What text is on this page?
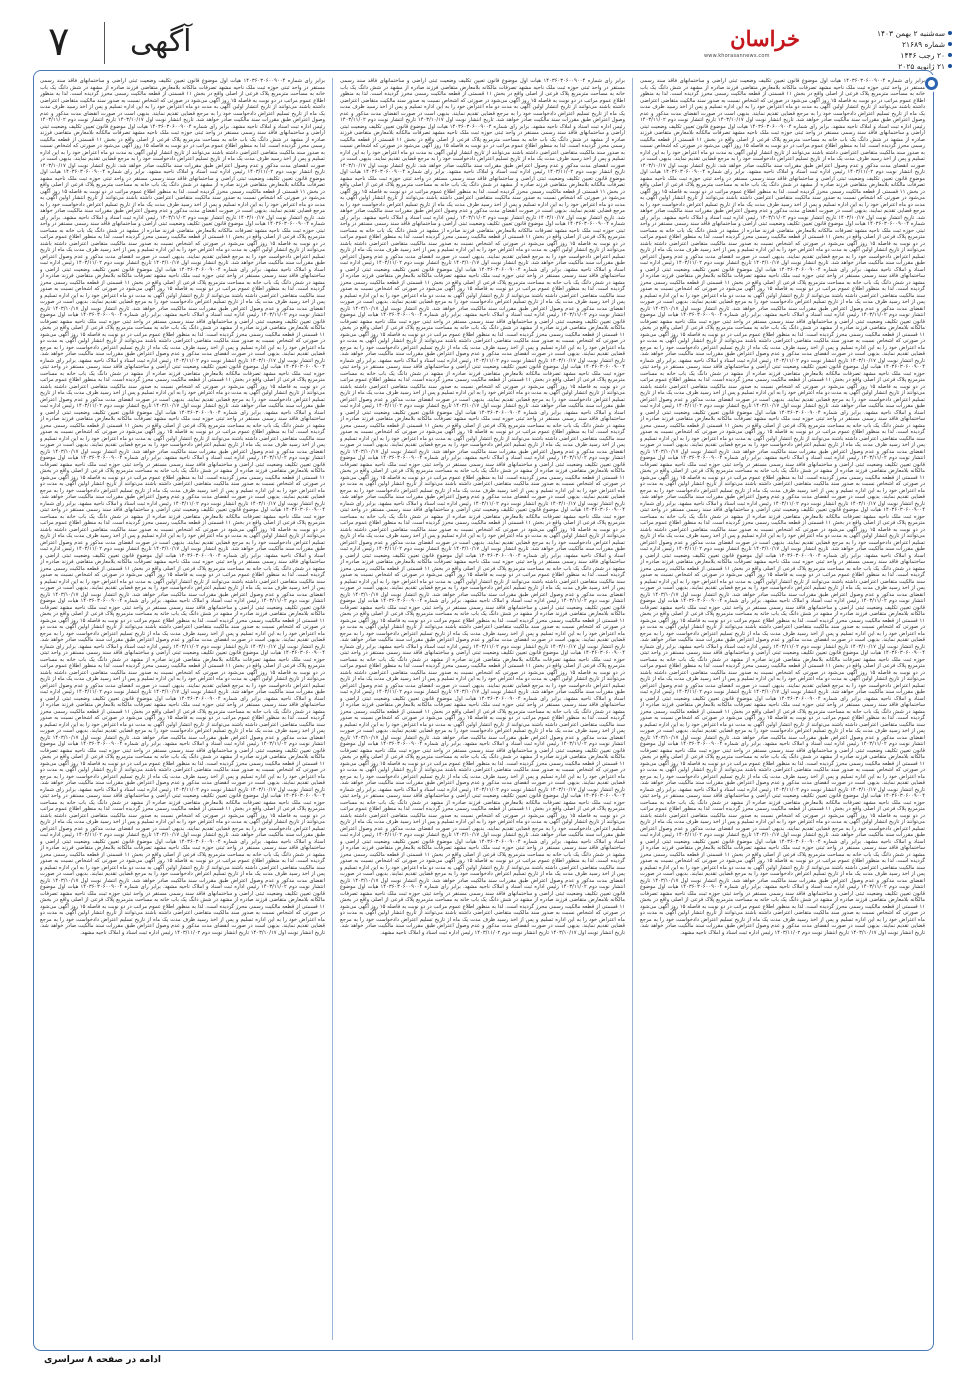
۷ آگهی	خراسان
www.khorasannews.com
سه‌شنبه ۲ بهمن ۱۴۰۳
شماره ۲۱۶۸۹
۲۰ رجب ۱۴۴۶
۲۱ ژانویه ۲۰۲۵

برابر رای شماره ۱۴۰۳۶۰۳۰۶۰۰۹۰۰۴ هیات اول موضوع قانون تعیین تکلیف وضعیت ثبتی اراضی و ساختمانهای فاقد سند رسمی مستقر در واحد ثبتی حوزه ثبت ملک ناحیه مشهد تصرفات مالکانه بلامعارض متقاضی فرزند صادره از مشهد در شش دانگ یک باب خانه به مساحت مترمربع پلاک فرعی از اصلی واقع در بخش ۱۱ قسمتی از قطعه مالکیت رسمی محرز گردیده است. لذا به منظور اطلاع عموم مراتب در دو نوبت به فاصله ۱۵ روز آگهی می‌شود در صورتی که اشخاص نسبت به صدور سند مالکیت متقاضی اعتراضی داشته باشند می‌توانند از تاریخ انتشار اولین آگهی به مدت دو ماه اعتراض خود را به این اداره تسلیم و پس از اخذ رسید ظرف مدت یک ماه از تاریخ تسلیم اعتراض دادخواست خود را به مرجع قضایی تقدیم نمایند. بدیهی است در صورت انقضای مدت مذکور و عدم وصول اعتراض طبق مقررات سند مالکیت صادر خواهد شد. تاریخ انتشار نوبت اول ۱۴۰۳/۱۰/۱۷ تاریخ انتشار نوبت دوم ۱۴۰۳/۱۱/۰۲ رئیس اداره ثبت اسناد و املاک ناحیه مشهد. برابر رای شماره ۱۴۰۳۶۰۳۰۶۰۰۹۰۰۴ هیات اول موضوع قانون تعیین تکلیف وضعیت ثبتی اراضی و ساختمانهای فاقد سند رسمی مستقر در واحد ثبتی حوزه ثبت ملک ناحیه مشهد تصرفات مالکانه بلامعارض متقاضی فرزند صادره از مشهد در شش دانگ یک باب خانه به مساحت مترمربع پلاک فرعی از اصلی واقع در بخش ۱۱ قسمتی از قطعه مالکیت رسمی محرز گردیده است. لذا به منظور اطلاع عموم مراتب در دو نوبت به فاصله ۱۵ روز آگهی می‌شود در صورتی که اشخاص نسبت به صدور سند مالکیت متقاضی اعتراضی داشته باشند می‌توانند از تاریخ انتشار اولین آگهی به مدت دو ماه اعتراض خود را به این اداره تسلیم و پس از اخذ رسید ظرف مدت یک ماه از تاریخ تسلیم اعتراض دادخواست خود را به مرجع قضایی تقدیم نمایند. بدیهی است در صورت انقضای مدت مذکور و عدم وصول اعتراض طبق مقررات سند مالکیت صادر خواهد شد. تاریخ انتشار نوبت اول ۱۴۰۳/۱۰/۱۷ تاریخ انتشار نوبت دوم ۱۴۰۳/۱۱/۰۲ رئیس اداره ثبت اسناد و املاک ناحیه مشهد. برابر رای شماره ۱۴۰۳۶۰۳۰۶۰۰۹۰۰۴ هیات اول موضوع قانون تعیین تکلیف وضعیت ثبتی اراضی و ساختمانهای فاقد سند رسمی مستقر در واحد ثبتی حوزه ثبت ملک ناحیه مشهد تصرفات مالکانه بلامعارض متقاضی فرزند صادره از مشهد در شش دانگ یک باب خانه به مساحت مترمربع پلاک فرعی از اصلی واقع در بخش ۱۱ قسمتی از قطعه مالکیت رسمی محرز گردیده است. لذا به منظور اطلاع عموم مراتب در دو نوبت به فاصله ۱۵ روز آگهی می‌شود در صورتی که اشخاص نسبت به صدور سند مالکیت متقاضی اعتراضی داشته باشند می‌توانند از تاریخ انتشار اولین آگهی به مدت دو ماه اعتراض خود را به این اداره تسلیم و پس از اخذ رسید ظرف مدت یک ماه از تاریخ تسلیم اعتراض دادخواست خود را به مرجع قضایی تقدیم نمایند. بدیهی است در صورت انقضای مدت مذکور و عدم وصول اعتراض طبق مقررات سند مالکیت صادر خواهد شد. تاریخ انتشار نوبت اول ۱۴۰۳/۱۰/۱۷ تاریخ انتشار نوبت دوم ۱۴۰۳/۱۱/۰۲ رئیس اداره ثبت اسناد و املاک ناحیه مشهد. برابر رای شماره ۱۴۰۳۶۰۳۰۶۰۰۹۰۰۴ هیات اول موضوع قانون تعیین تکلیف وضعیت ثبتی اراضی و ساختمانهای فاقد سند رسمی مستقر در واحد ثبتی حوزه ثبت ملک ناحیه مشهد تصرفات مالکانه بلامعارض متقاضی فرزند صادره از مشهد در شش دانگ یک باب خانه به مساحت مترمربع پلاک فرعی از اصلی واقع در بخش ۱۱ قسمتی از قطعه مالکیت رسمی محرز گردیده است. لذا به منظور اطلاع عموم مراتب در دو نوبت به فاصله ۱۵ روز آگهی می‌شود در صورتی که اشخاص نسبت به صدور سند مالکیت متقاضی اعتراضی داشته باشند می‌توانند از تاریخ انتشار اولین آگهی به مدت دو ماه اعتراض خود را به این اداره تسلیم و پس از اخذ رسید ظرف مدت یک ماه از تاریخ تسلیم اعتراض دادخواست خود را به مرجع قضایی تقدیم نمایند. بدیهی است در صورت انقضای مدت مذکور و عدم وصول اعتراض طبق مقررات سند مالکیت صادر خواهد شد. تاریخ انتشار نوبت اول ۱۴۰۳/۱۰/۱۷ تاریخ انتشار نوبت دوم ۱۴۰۳/۱۱/۰۲ رئیس اداره ثبت اسناد و املاک ناحیه مشهد. برابر رای شماره ۱۴۰۳۶۰۳۰۶۰۰۹۰۰۴ هیات اول موضوع قانون تعیین تکلیف وضعیت ثبتی اراضی و ساختمانهای فاقد سند رسمی مستقر در واحد ثبتی حوزه ثبت ملک ناحیه مشهد تصرفات مالکانه بلامعارض متقاضی فرزند صادره از مشهد در شش دانگ یک باب خانه به مساحت مترمربع پلاک فرعی از اصلی واقع در بخش ۱۱ قسمتی از قطعه مالکیت رسمی محرز گردیده است. لذا به منظور اطلاع عموم مراتب در دو نوبت به فاصله ۱۵ روز آگهی می‌شود در صورتی که اشخاص نسبت به صدور سند مالکیت متقاضی اعتراضی داشته باشند می‌توانند از تاریخ انتشار اولین آگهی به مدت دو ماه اعتراض خود را به این اداره تسلیم و پس از اخذ رسید ظرف مدت یک ماه از تاریخ تسلیم اعتراض دادخواست خود را به مرجع قضایی تقدیم نمایند. بدیهی است در صورت انقضای مدت مذکور و عدم وصول اعتراض طبق مقررات سند مالکیت صادر خواهد شد. تاریخ انتشار نوبت اول ۱۴۰۳/۱۰/۱۷ تاریخ انتشار نوبت دوم ۱۴۰۳/۱۱/۰۲ رئیس اداره ثبت اسناد و املاک ناحیه مشهد. برابر رای شماره ۱۴۰۳۶۰۳۰۶۰۰۹۰۰۴ هیات اول موضوع قانون تعیین تکلیف وضعیت ثبتی اراضی و ساختمانهای فاقد سند رسمی مستقر در واحد ثبتی حوزه ثبت ملک ناحیه مشهد تصرفات مالکانه بلامعارض متقاضی فرزند صادره از مشهد در شش دانگ یک باب خانه به مساحت مترمربع پلاک فرعی از اصلی واقع در بخش ۱۱ قسمتی از قطعه مالکیت رسمی محرز گردیده است. لذا به منظور اطلاع عموم مراتب در دو نوبت به فاصله ۱۵ روز آگهی می‌شود در صورتی که اشخاص نسبت به صدور سند مالکیت متقاضی اعتراضی داشته باشند می‌توانند از تاریخ انتشار اولین آگهی به مدت دو ماه اعتراض خود را به این اداره تسلیم و پس از اخذ رسید ظرف مدت یک ماه از تاریخ تسلیم اعتراض دادخواست خود را به مرجع قضایی تقدیم نمایند. بدیهی است در صورت انقضای مدت مذکور و عدم وصول اعتراض طبق مقررات سند مالکیت صادر خواهد شد. تاریخ انتشار نوبت اول ۱۴۰۳/۱۰/۱۷ تاریخ انتشار نوبت دوم ۱۴۰۳/۱۱/۰۲ رئیس اداره ثبت اسناد و املاک ناحیه مشهد. برابر رای شماره ۱۴۰۳۶۰۳۰۶۰۰۹۰۰۴ هیات اول موضوع قانون تعیین تکلیف وضعیت ثبتی اراضی و ساختمانهای فاقد سند رسمی مستقر در واحد ثبتی حوزه ثبت ملک ناحیه مشهد تصرفات مالکانه بلامعارض متقاضی فرزند صادره از مشهد در شش دانگ یک باب خانه به مساحت مترمربع پلاک فرعی از اصلی واقع در بخش ۱۱ قسمتی از قطعه مالکیت رسمی محرز گردیده است. لذا به منظور اطلاع عموم مراتب در دو نوبت به فاصله ۱۵ روز آگهی می‌شود در صورتی که اشخاص نسبت به صدور سند مالکیت متقاضی اعتراضی داشته باشند می‌توانند از تاریخ انتشار اولین آگهی به مدت دو ماه اعتراض خود را به این اداره تسلیم و پس از اخذ رسید ظرف مدت یک ماه از تاریخ تسلیم اعتراض دادخواست خود را به مرجع قضایی تقدیم نمایند. بدیهی است در صورت انقضای مدت مذکور و عدم وصول اعتراض طبق مقررات سند مالکیت صادر خواهد شد. تاریخ انتشار نوبت اول ۱۴۰۳/۱۰/۱۷ تاریخ انتشار نوبت دوم ۱۴۰۳/۱۱/۰۲ رئیس اداره ثبت اسناد و املاک ناحیه مشهد. برابر رای شماره ۱۴۰۳۶۰۳۰۶۰۰۹۰۰۴ هیات اول موضوع قانون تعیین تکلیف وضعیت ثبتی اراضی و ساختمانهای فاقد سند رسمی مستقر در واحد ثبتی حوزه ثبت ملک ناحیه مشهد تصرفات مالکانه بلامعارض متقاضی فرزند صادره از مشهد در شش دانگ یک باب خانه به مساحت مترمربع پلاک فرعی از اصلی واقع در بخش ۱۱ قسمتی از قطعه مالکیت رسمی محرز گردیده است. لذا به منظور اطلاع عموم مراتب در دو نوبت به فاصله ۱۵ روز آگهی می‌شود در صورتی که اشخاص نسبت به صدور سند مالکیت متقاضی اعتراضی داشته باشند می‌توانند از تاریخ انتشار اولین آگهی به مدت دو ماه اعتراض خود را به این اداره تسلیم و پس از اخذ رسید ظرف مدت یک ماه از تاریخ تسلیم اعتراض دادخواست خود را به مرجع قضایی تقدیم نمایند. بدیهی است در صورت انقضای مدت مذکور و عدم وصول اعتراض طبق مقررات سند مالکیت صادر خواهد شد. تاریخ انتشار نوبت اول ۱۴۰۳/۱۰/۱۷ تاریخ انتشار نوبت دوم ۱۴۰۳/۱۱/۰۲ رئیس اداره ثبت اسناد و املاک ناحیه مشهد. برابر رای شماره ۱۴۰۳۶۰۳۰۶۰۰۹۰۰۴ هیات اول موضوع قانون تعیین تکلیف وضعیت ثبتی اراضی و ساختمانهای فاقد سند رسمی مستقر در واحد ثبتی حوزه ثبت ملک ناحیه مشهد تصرفات مالکانه بلامعارض متقاضی فرزند صادره از مشهد در شش دانگ یک باب خانه به مساحت مترمربع پلاک فرعی از اصلی واقع در بخش ۱۱ قسمتی از قطعه مالکیت رسمی محرز گردیده است. لذا به منظور اطلاع عموم مراتب در دو نوبت به فاصله ۱۵ روز آگهی می‌شود در صورتی که اشخاص نسبت به صدور سند مالکیت متقاضی اعتراضی داشته باشند می‌توانند از تاریخ انتشار اولین آگهی به مدت دو ماه اعتراض خود را به این اداره تسلیم و پس از اخذ رسید ظرف مدت یک ماه از تاریخ تسلیم اعتراض دادخواست خود را به مرجع قضایی تقدیم نمایند. بدیهی است در صورت انقضای مدت مذکور و عدم وصول اعتراض طبق مقررات سند مالکیت صادر خواهد شد. تاریخ انتشار نوبت اول ۱۴۰۳/۱۰/۱۷ تاریخ انتشار نوبت دوم ۱۴۰۳/۱۱/۰۲ رئیس اداره ثبت اسناد و املاک ناحیه مشهد. برابر رای شماره ۱۴۰۳۶۰۳۰۶۰۰۹۰۰۴ هیات اول موضوع قانون تعیین تکلیف وضعیت ثبتی اراضی و ساختمانهای فاقد سند رسمی مستقر در واحد ثبتی حوزه ثبت ملک ناحیه مشهد تصرفات مالکانه بلامعارض متقاضی فرزند صادره از مشهد در شش دانگ یک باب خانه به مساحت مترمربع پلاک فرعی از اصلی واقع در بخش ۱۱ قسمتی از قطعه مالکیت رسمی محرز گردیده است. لذا به منظور اطلاع عموم مراتب در دو نوبت به فاصله ۱۵ روز آگهی می‌شود در صورتی که اشخاص نسبت به صدور سند مالکیت متقاضی اعتراضی داشته باشند می‌توانند از تاریخ انتشار اولین آگهی به مدت دو ماه اعتراض خود را به این اداره تسلیم و پس از اخذ رسید ظرف مدت یک ماه از تاریخ تسلیم اعتراض دادخواست خود را به مرجع قضایی تقدیم نمایند. بدیهی است در صورت انقضای مدت مذکور و عدم وصول اعتراض طبق مقررات سند مالکیت صادر خواهد شد. تاریخ انتشار نوبت اول ۱۴۰۳/۱۰/۱۷ تاریخ انتشار نوبت دوم ۱۴۰۳/۱۱/۰۲ رئیس اداره ثبت اسناد و املاک ناحیه مشهد. برابر رای شماره ۱۴۰۳۶۰۳۰۶۰۰۹۰۰۴ هیات اول موضوع قانون تعیین تکلیف وضعیت ثبتی اراضی و ساختمانهای فاقد سند رسمی مستقر در واحد ثبتی حوزه ثبت ملک ناحیه مشهد تصرفات مالکانه بلامعارض متقاضی فرزند صادره از مشهد در شش دانگ یک باب خانه به مساحت مترمربع پلاک فرعی از اصلی واقع در بخش ۱۱ قسمتی از قطعه مالکیت رسمی محرز گردیده است. لذا به منظور اطلاع عموم مراتب در دو نوبت به فاصله ۱۵ روز آگهی می‌شود در صورتی که اشخاص نسبت به صدور سند مالکیت متقاضی اعتراضی داشته باشند می‌توانند از تاریخ انتشار اولین آگهی به مدت دو ماه اعتراض خود را به این اداره تسلیم و پس از اخذ رسید ظرف مدت یک ماه از تاریخ تسلیم اعتراض دادخواست خود را به مرجع قضایی تقدیم نمایند. بدیهی است در صورت انقضای مدت مذکور و عدم وصول اعتراض طبق مقررات سند مالکیت صادر خواهد شد. تاریخ انتشار نوبت اول ۱۴۰۳/۱۰/۱۷ تاریخ انتشار نوبت دوم ۱۴۰۳/۱۱/۰۲ رئیس اداره ثبت اسناد و املاک ناحیه مشهد. برابر رای شماره ۱۴۰۳۶۰۳۰۶۰۰۹۰۰۴ هیات اول موضوع قانون تعیین تکلیف وضعیت ثبتی اراضی و ساختمانهای فاقد سند رسمی مستقر در واحد ثبتی حوزه ثبت ملک ناحیه مشهد تصرفات مالکانه بلامعارض متقاضی فرزند صادره از مشهد در شش دانگ یک باب خانه به مساحت مترمربع پلاک فرعی از اصلی واقع در بخش ۱۱ قسمتی از قطعه مالکیت رسمی محرز گردیده است. لذا به منظور اطلاع عموم مراتب در دو نوبت به فاصله ۱۵ روز آگهی می‌شود در صورتی که اشخاص نسبت به صدور سند مالکیت متقاضی اعتراضی داشته باشند می‌توانند از تاریخ انتشار اولین آگهی به مدت دو ماه اعتراض خود را به این اداره تسلیم و پس از اخذ رسید ظرف مدت یک ماه از تاریخ تسلیم اعتراض دادخواست خود را به مرجع قضایی تقدیم نمایند. بدیهی است در صورت انقضای مدت مذکور و عدم وصول اعتراض طبق مقررات سند مالکیت صادر خواهد شد. تاریخ انتشار نوبت اول ۱۴۰۳/۱۰/۱۷ تاریخ انتشار نوبت دوم ۱۴۰۳/۱۱/۰۲ رئیس اداره ثبت اسناد و املاک ناحیه مشهد. برابر رای شماره ۱۴۰۳۶۰۳۰۶۰۰۹۰۰۴ هیات اول موضوع قانون تعیین تکلیف وضعیت ثبتی اراضی و ساختمانهای فاقد سند رسمی مستقر در واحد ثبتی حوزه ثبت ملک ناحیه مشهد تصرفات مالکانه بلامعارض متقاضی فرزند صادره از مشهد در شش دانگ یک باب خانه به مساحت مترمربع پلاک فرعی از اصلی واقع در بخش ۱۱ قسمتی از قطعه مالکیت رسمی محرز گردیده است. لذا به منظور اطلاع عموم مراتب در دو نوبت به فاصله ۱۵ روز آگهی می‌شود در صورتی که اشخاص نسبت به صدور سند مالکیت متقاضی اعتراضی داشته باشند می‌توانند از تاریخ انتشار اولین آگهی به مدت دو ماه اعتراض خود را به این اداره تسلیم و پس از اخذ رسید ظرف مدت یک ماه از تاریخ تسلیم اعتراض دادخواست خود را به مرجع قضایی تقدیم نمایند. بدیهی است در صورت انقضای مدت مذکور و عدم وصول اعتراض طبق مقررات سند مالکیت صادر خواهد شد. تاریخ انتشار نوبت اول ۱۴۰۳/۱۰/۱۷ تاریخ انتشار نوبت دوم ۱۴۰۳/۱۱/۰۲ رئیس اداره ثبت اسناد و املاک ناحیه مشهد. برابر رای شماره ۱۴۰۳۶۰۳۰۶۰۰۹۰۰۴ هیات اول موضوع قانون تعیین تکلیف وضعیت ثبتی اراضی و ساختمانهای فاقد سند رسمی مستقر در واحد ثبتی حوزه ثبت ملک ناحیه مشهد تصرفات مالکانه بلامعارض متقاضی فرزند صادره از مشهد در شش دانگ یک باب خانه به مساحت مترمربع پلاک فرعی از اصلی واقع در بخش ۱۱ قسمتی از قطعه مالکیت رسمی محرز گردیده است. لذا به منظور اطلاع عموم مراتب در دو نوبت به فاصله ۱۵ روز آگهی می‌شود در صورتی که اشخاص نسبت به صدور سند مالکیت متقاضی اعتراضی داشته باشند می‌توانند از تاریخ انتشار اولین آگهی به مدت دو ماه اعتراض خود را به این اداره تسلیم و پس از اخذ رسید ظرف مدت یک ماه از تاریخ تسلیم اعتراض دادخواست خود را به مرجع قضایی تقدیم نمایند. بدیهی است در صورت انقضای مدت مذکور و عدم وصول اعتراض طبق مقررات سند مالکیت صادر خواهد شد. تاریخ انتشار نوبت اول ۱۴۰۳/۱۰/۱۷ تاریخ انتشار نوبت دوم ۱۴۰۳/۱۱/۰۲ رئیس اداره ثبت اسناد و املاک ناحیه مشهد. برابر رای شماره ۱۴۰۳۶۰۳۰۶۰۰۹۰۰۴ هیات اول موضوع قانون تعیین تکلیف وضعیت ثبتی اراضی و ساختمانهای فاقد سند رسمی مستقر در واحد ثبتی حوزه ثبت ملک ناحیه مشهد تصرفات مالکانه بلامعارض متقاضی فرزند صادره از مشهد در شش دانگ یک باب خانه به مساحت مترمربع پلاک فرعی از اصلی واقع در بخش ۱۱ قسمتی از قطعه مالکیت رسمی محرز گردیده است. لذا به منظور اطلاع عموم مراتب در دو نوبت به فاصله ۱۵ روز آگهی می‌شود در صورتی که اشخاص نسبت به صدور سند مالکیت متقاضی اعتراضی داشته باشند می‌توانند از تاریخ انتشار اولین آگهی به مدت دو ماه اعتراض خود را به این اداره تسلیم و پس از اخذ رسید ظرف مدت یک ماه از تاریخ تسلیم اعتراض دادخواست خود را به مرجع قضایی تقدیم نمایند. بدیهی است در صورت انقضای مدت مذکور و عدم وصول اعتراض طبق مقررات سند مالکیت صادر خواهد شد. تاریخ انتشار نوبت اول ۱۴۰۳/۱۰/۱۷ تاریخ انتشار نوبت دوم ۱۴۰۳/۱۱/۰۲ رئیس اداره ثبت اسناد و املاک ناحیه مشهد. برابر رای شماره ۱۴۰۳۶۰۳۰۶۰۰۹۰۰۴ هیات اول موضوع قانون تعیین تکلیف وضعیت ثبتی اراضی و ساختمانهای فاقد سند رسمی مستقر در واحد ثبتی حوزه ثبت ملک ناحیه مشهد تصرفات مالکانه بلامعارض متقاضی فرزند صادره از مشهد در شش دانگ یک باب خانه به مساحت مترمربع پلاک فرعی از اصلی واقع در بخش ۱۱ قسمتی از قطعه مالکیت رسمی محرز گردیده است. لذا به منظور اطلاع عموم مراتب در دو نوبت به فاصله ۱۵ روز آگهی می‌شود در صورتی که اشخاص نسبت به صدور سند مالکیت متقاضی اعتراضی داشته باشند می‌توانند از تاریخ انتشار اولین آگهی به مدت دو ماه اعتراض خود را به این اداره تسلیم و پس از اخذ رسید ظرف مدت یک ماه از تاریخ تسلیم اعتراض دادخواست خود را به مرجع قضایی تقدیم نمایند. بدیهی است در صورت انقضای مدت مذکور و عدم وصول اعتراض طبق مقررات سند مالکیت صادر خواهد شد. تاریخ انتشار نوبت اول ۱۴۰۳/۱۰/۱۷ تاریخ انتشار نوبت دوم ۱۴۰۳/۱۱/۰۲ رئیس اداره ثبت اسناد و املاک ناحیه مشهد. برابر رای شماره ۱۴۰۳۶۰۳۰۶۰۰۹۰۰۴ هیات اول موضوع قانون تعیین تکلیف وضعیت ثبتی اراضی و ساختمانهای فاقد سند رسمی مستقر در واحد ثبتی حوزه ثبت ملک ناحیه مشهد تصرفات مالکانه بلامعارض متقاضی فرزند صادره از مشهد در شش دانگ یک باب خانه به مساحت مترمربع پلاک فرعی از اصلی واقع در بخش ۱۱ قسمتی از قطعه مالکیت رسمی محرز گردیده است. لذا به منظور اطلاع عموم مراتب در دو نوبت به فاصله ۱۵ روز آگهی می‌شود در صورتی که اشخاص نسبت به صدور سند مالکیت متقاضی اعتراضی داشته باشند می‌توانند از تاریخ انتشار اولین آگهی به مدت دو ماه اعتراض خود را به این اداره تسلیم و پس از اخذ رسید ظرف مدت یک ماه از تاریخ تسلیم اعتراض دادخواست خود را به مرجع قضایی تقدیم نمایند. بدیهی است در صورت انقضای مدت مذکور و عدم وصول اعتراض طبق مقررات سند مالکیت صادر خواهد شد. تاریخ انتشار نوبت اول ۱۴۰۳/۱۰/۱۷ تاریخ انتشار نوبت دوم ۱۴۰۳/۱۱/۰۲ رئیس اداره ثبت اسناد و املاک ناحیه مشهد. برابر رای شماره ۱۴۰۳۶۰۳۰۶۰۰۹۰۰۴ هیات اول موضوع قانون تعیین تکلیف وضعیت ثبتی اراضی و ساختمانهای فاقد سند رسمی مستقر در واحد ثبتی حوزه ثبت ملک ناحیه مشهد تصرفات مالکانه بلامعارض متقاضی فرزند صادره از مشهد در شش دانگ یک باب خانه به مساحت مترمربع پلاک فرعی از اصلی واقع در بخش ۱۱ قسمتی از قطعه مالکیت رسمی محرز گردیده است. لذا به منظور اطلاع عموم مراتب در دو نوبت به فاصله ۱۵ روز آگهی می‌شود در صورتی که اشخاص نسبت به صدور سند مالکیت متقاضی اعتراضی داشته باشند می‌توانند از تاریخ انتشار اولین آگهی به مدت دو ماه اعتراض خود را به این اداره تسلیم و پس از اخذ رسید ظرف مدت یک ماه از تاریخ تسلیم اعتراض دادخواست خود را به مرجع قضایی تقدیم نمایند. بدیهی است در صورت انقضای مدت مذکور و عدم وصول اعتراض طبق مقررات سند مالکیت صادر خواهد شد. تاریخ انتشار نوبت اول ۱۴۰۳/۱۰/۱۷ تاریخ انتشار نوبت دوم ۱۴۰۳/۱۱/۰۲ رئیس اداره ثبت اسناد و املاک ناحیه مشهد.

برابر رای شماره ۱۴۰۳۶۰۳۰۶۰۰۹۰۰۴ هیات اول موضوع قانون تعیین تکلیف وضعیت ثبتی اراضی و ساختمانهای فاقد سند رسمی مستقر در واحد ثبتی حوزه ثبت ملک ناحیه مشهد تصرفات مالکانه بلامعارض متقاضی فرزند صادره از مشهد در شش دانگ یک باب خانه به مساحت مترمربع پلاک فرعی از اصلی واقع در بخش ۱۱ قسمتی از قطعه مالکیت رسمی محرز گردیده است. لذا به منظور اطلاع عموم مراتب در دو نوبت به فاصله ۱۵ روز آگهی می‌شود در صورتی که اشخاص نسبت به صدور سند مالکیت متقاضی اعتراضی داشته باشند می‌توانند از تاریخ انتشار اولین آگهی به مدت دو ماه اعتراض خود را به این اداره تسلیم و پس از اخذ رسید ظرف مدت یک ماه از تاریخ تسلیم اعتراض دادخواست خود را به مرجع قضایی تقدیم نمایند. بدیهی است در صورت انقضای مدت مذکور و عدم وصول اعتراض طبق مقررات سند مالکیت صادر خواهد شد. تاریخ انتشار نوبت اول ۱۴۰۳/۱۰/۱۷ تاریخ انتشار نوبت دوم ۱۴۰۳/۱۱/۰۲ رئیس اداره ثبت اسناد و املاک ناحیه مشهد. برابر رای شماره ۱۴۰۳۶۰۳۰۶۰۰۹۰۰۴ هیات اول موضوع قانون تعیین تکلیف وضعیت ثبتی اراضی و ساختمانهای فاقد سند رسمی مستقر در واحد ثبتی حوزه ثبت ملک ناحیه مشهد تصرفات مالکانه بلامعارض متقاضی فرزند صادره از مشهد در شش دانگ یک باب خانه به مساحت مترمربع پلاک فرعی از اصلی واقع در بخش ۱۱ قسمتی از قطعه مالکیت رسمی محرز گردیده است. لذا به منظور اطلاع عموم مراتب در دو نوبت به فاصله ۱۵ روز آگهی می‌شود در صورتی که اشخاص نسبت به صدور سند مالکیت متقاضی اعتراضی داشته باشند می‌توانند از تاریخ انتشار اولین آگهی به مدت دو ماه اعتراض خود را به این اداره تسلیم و پس از اخذ رسید ظرف مدت یک ماه از تاریخ تسلیم اعتراض دادخواست خود را به مرجع قضایی تقدیم نمایند. بدیهی است در صورت انقضای مدت مذکور و عدم وصول اعتراض طبق مقررات سند مالکیت صادر خواهد شد. تاریخ انتشار نوبت اول ۱۴۰۳/۱۰/۱۷ تاریخ انتشار نوبت دوم ۱۴۰۳/۱۱/۰۲ رئیس اداره ثبت اسناد و املاک ناحیه مشهد. برابر رای شماره ۱۴۰۳۶۰۳۰۶۰۰۹۰۰۴ هیات اول موضوع قانون تعیین تکلیف وضعیت ثبتی اراضی و ساختمانهای فاقد سند رسمی مستقر در واحد ثبتی حوزه ثبت ملک ناحیه مشهد تصرفات مالکانه بلامعارض متقاضی فرزند صادره از مشهد در شش دانگ یک باب خانه به مساحت مترمربع پلاک فرعی از اصلی واقع در بخش ۱۱ قسمتی از قطعه مالکیت رسمی محرز گردیده است. لذا به منظور اطلاع عموم مراتب در دو نوبت به فاصله ۱۵ روز آگهی می‌شود در صورتی که اشخاص نسبت به صدور سند مالکیت متقاضی اعتراضی داشته باشند می‌توانند از تاریخ انتشار اولین آگهی به مدت دو ماه اعتراض خود را به این اداره تسلیم و پس از اخذ رسید ظرف مدت یک ماه از تاریخ تسلیم اعتراض دادخواست خود را به مرجع قضایی تقدیم نمایند. بدیهی است در صورت انقضای مدت مذکور و عدم وصول اعتراض طبق مقررات سند مالکیت صادر خواهد شد. تاریخ انتشار نوبت اول ۱۴۰۳/۱۰/۱۷ تاریخ انتشار نوبت دوم ۱۴۰۳/۱۱/۰۲ رئیس اداره ثبت اسناد و املاک ناحیه مشهد. برابر رای شماره ۱۴۰۳۶۰۳۰۶۰۰۹۰۰۴ هیات اول موضوع قانون تعیین تکلیف وضعیت ثبتی اراضی و ساختمانهای فاقد سند رسمی مستقر در واحد ثبتی حوزه ثبت ملک ناحیه مشهد تصرفات مالکانه بلامعارض متقاضی فرزند صادره از مشهد در شش دانگ یک باب خانه به مساحت مترمربع پلاک فرعی از اصلی واقع در بخش ۱۱ قسمتی از قطعه مالکیت رسمی محرز گردیده است. لذا به منظور اطلاع عموم مراتب در دو نوبت به فاصله ۱۵ روز آگهی می‌شود در صورتی که اشخاص نسبت به صدور سند مالکیت متقاضی اعتراضی داشته باشند می‌توانند از تاریخ انتشار اولین آگهی به مدت دو ماه اعتراض خود را به این اداره تسلیم و پس از اخذ رسید ظرف مدت یک ماه از تاریخ تسلیم اعتراض دادخواست خود را به مرجع قضایی تقدیم نمایند. بدیهی است در صورت انقضای مدت مذکور و عدم وصول اعتراض طبق مقررات سند مالکیت صادر خواهد شد. تاریخ انتشار نوبت اول ۱۴۰۳/۱۰/۱۷ تاریخ انتشار نوبت دوم ۱۴۰۳/۱۱/۰۲ رئیس اداره ثبت اسناد و املاک ناحیه مشهد. برابر رای شماره ۱۴۰۳۶۰۳۰۶۰۰۹۰۰۴ هیات اول موضوع قانون تعیین تکلیف وضعیت ثبتی اراضی و ساختمانهای فاقد سند رسمی مستقر در واحد ثبتی حوزه ثبت ملک ناحیه مشهد تصرفات مالکانه بلامعارض متقاضی فرزند صادره از مشهد در شش دانگ یک باب خانه به مساحت مترمربع پلاک فرعی از اصلی واقع در بخش ۱۱ قسمتی از قطعه مالکیت رسمی محرز گردیده است. لذا به منظور اطلاع عموم مراتب در دو نوبت به فاصله ۱۵ روز آگهی می‌شود در صورتی که اشخاص نسبت به صدور سند مالکیت متقاضی اعتراضی داشته باشند می‌توانند از تاریخ انتشار اولین آگهی به مدت دو ماه اعتراض خود را به این اداره تسلیم و پس از اخذ رسید ظرف مدت یک ماه از تاریخ تسلیم اعتراض دادخواست خود را به مرجع قضایی تقدیم نمایند. بدیهی است در صورت انقضای مدت مذکور و عدم وصول اعتراض طبق مقررات سند مالکیت صادر خواهد شد. تاریخ انتشار نوبت اول ۱۴۰۳/۱۰/۱۷ تاریخ انتشار نوبت دوم ۱۴۰۳/۱۱/۰۲ رئیس اداره ثبت اسناد و املاک ناحیه مشهد. برابر رای شماره ۱۴۰۳۶۰۳۰۶۰۰۹۰۰۴ هیات اول موضوع قانون تعیین تکلیف وضعیت ثبتی اراضی و ساختمانهای فاقد سند رسمی مستقر در واحد ثبتی حوزه ثبت ملک ناحیه مشهد تصرفات مالکانه بلامعارض متقاضی فرزند صادره از مشهد در شش دانگ یک باب خانه به مساحت مترمربع پلاک فرعی از اصلی واقع در بخش ۱۱ قسمتی از قطعه مالکیت رسمی محرز گردیده است. لذا به منظور اطلاع عموم مراتب در دو نوبت به فاصله ۱۵ روز آگهی می‌شود در صورتی که اشخاص نسبت به صدور سند مالکیت متقاضی اعتراضی داشته باشند می‌توانند از تاریخ انتشار اولین آگهی به مدت دو ماه اعتراض خود را به این اداره تسلیم و پس از اخذ رسید ظرف مدت یک ماه از تاریخ تسلیم اعتراض دادخواست خود را به مرجع قضایی تقدیم نمایند. بدیهی است در صورت انقضای مدت مذکور و عدم وصول اعتراض طبق مقررات سند مالکیت صادر خواهد شد. تاریخ انتشار نوبت اول ۱۴۰۳/۱۰/۱۷ تاریخ انتشار نوبت دوم ۱۴۰۳/۱۱/۰۲ رئیس اداره ثبت اسناد و املاک ناحیه مشهد. برابر رای شماره ۱۴۰۳۶۰۳۰۶۰۰۹۰۰۴ هیات اول موضوع قانون تعیین تکلیف وضعیت ثبتی اراضی و ساختمانهای فاقد سند رسمی مستقر در واحد ثبتی حوزه ثبت ملک ناحیه مشهد تصرفات مالکانه بلامعارض متقاضی فرزند صادره از مشهد در شش دانگ یک باب خانه به مساحت مترمربع پلاک فرعی از اصلی واقع در بخش ۱۱ قسمتی از قطعه مالکیت رسمی محرز گردیده است. لذا به منظور اطلاع عموم مراتب در دو نوبت به فاصله ۱۵ روز آگهی می‌شود در صورتی که اشخاص نسبت به صدور سند مالکیت متقاضی اعتراضی داشته باشند می‌توانند از تاریخ انتشار اولین آگهی به مدت دو ماه اعتراض خود را به این اداره تسلیم و پس از اخذ رسید ظرف مدت یک ماه از تاریخ تسلیم اعتراض دادخواست خود را به مرجع قضایی تقدیم نمایند. بدیهی است در صورت انقضای مدت مذکور و عدم وصول اعتراض طبق مقررات سند مالکیت صادر خواهد شد. تاریخ انتشار نوبت اول ۱۴۰۳/۱۰/۱۷ تاریخ انتشار نوبت دوم ۱۴۰۳/۱۱/۰۲ رئیس اداره ثبت اسناد و املاک ناحیه مشهد. برابر رای شماره ۱۴۰۳۶۰۳۰۶۰۰۹۰۰۴ هیات اول موضوع قانون تعیین تکلیف وضعیت ثبتی اراضی و ساختمانهای فاقد سند رسمی مستقر در واحد ثبتی حوزه ثبت ملک ناحیه مشهد تصرفات مالکانه بلامعارض متقاضی فرزند صادره از مشهد در شش دانگ یک باب خانه به مساحت مترمربع پلاک فرعی از اصلی واقع در بخش ۱۱ قسمتی از قطعه مالکیت رسمی محرز گردیده است. لذا به منظور اطلاع عموم مراتب در دو نوبت به فاصله ۱۵ روز آگهی می‌شود در صورتی که اشخاص نسبت به صدور سند مالکیت متقاضی اعتراضی داشته باشند می‌توانند از تاریخ انتشار اولین آگهی به مدت دو ماه اعتراض خود را به این اداره تسلیم و پس از اخذ رسید ظرف مدت یک ماه از تاریخ تسلیم اعتراض دادخواست خود را به مرجع قضایی تقدیم نمایند. بدیهی است در صورت انقضای مدت مذکور و عدم وصول اعتراض طبق مقررات سند مالکیت صادر خواهد شد. تاریخ انتشار نوبت اول ۱۴۰۳/۱۰/۱۷ تاریخ انتشار نوبت دوم ۱۴۰۳/۱۱/۰۲ رئیس اداره ثبت اسناد و املاک ناحیه مشهد. برابر رای شماره ۱۴۰۳۶۰۳۰۶۰۰۹۰۰۴ هیات اول موضوع قانون تعیین تکلیف وضعیت ثبتی اراضی و ساختمانهای فاقد سند رسمی مستقر در واحد ثبتی حوزه ثبت ملک ناحیه مشهد تصرفات مالکانه بلامعارض متقاضی فرزند صادره از مشهد در شش دانگ یک باب خانه به مساحت مترمربع پلاک فرعی از اصلی واقع در بخش ۱۱ قسمتی از قطعه مالکیت رسمی محرز گردیده است. لذا به منظور اطلاع عموم مراتب در دو نوبت به فاصله ۱۵ روز آگهی می‌شود در صورتی که اشخاص نسبت به صدور سند مالکیت متقاضی اعتراضی داشته باشند می‌توانند از تاریخ انتشار اولین آگهی به مدت دو ماه اعتراض خود را به این اداره تسلیم و پس از اخذ رسید ظرف مدت یک ماه از تاریخ تسلیم اعتراض دادخواست خود را به مرجع قضایی تقدیم نمایند. بدیهی است در صورت انقضای مدت مذکور و عدم وصول اعتراض طبق مقررات سند مالکیت صادر خواهد شد. تاریخ انتشار نوبت اول ۱۴۰۳/۱۰/۱۷ تاریخ انتشار نوبت دوم ۱۴۰۳/۱۱/۰۲ رئیس اداره ثبت اسناد و املاک ناحیه مشهد. برابر رای شماره ۱۴۰۳۶۰۳۰۶۰۰۹۰۰۴ هیات اول موضوع قانون تعیین تکلیف وضعیت ثبتی اراضی و ساختمانهای فاقد سند رسمی مستقر در واحد ثبتی حوزه ثبت ملک ناحیه مشهد تصرفات مالکانه بلامعارض متقاضی فرزند صادره از مشهد در شش دانگ یک باب خانه به مساحت مترمربع پلاک فرعی از اصلی واقع در بخش ۱۱ قسمتی از قطعه مالکیت رسمی محرز گردیده است. لذا به منظور اطلاع عموم مراتب در دو نوبت به فاصله ۱۵ روز آگهی می‌شود در صورتی که اشخاص نسبت به صدور سند مالکیت متقاضی اعتراضی داشته باشند می‌توانند از تاریخ انتشار اولین آگهی به مدت دو ماه اعتراض خود را به این اداره تسلیم و پس از اخذ رسید ظرف مدت یک ماه از تاریخ تسلیم اعتراض دادخواست خود را به مرجع قضایی تقدیم نمایند. بدیهی است در صورت انقضای مدت مذکور و عدم وصول اعتراض طبق مقررات سند مالکیت صادر خواهد شد. تاریخ انتشار نوبت اول ۱۴۰۳/۱۰/۱۷ تاریخ انتشار نوبت دوم ۱۴۰۳/۱۱/۰۲ رئیس اداره ثبت اسناد و املاک ناحیه مشهد. برابر رای شماره ۱۴۰۳۶۰۳۰۶۰۰۹۰۰۴ هیات اول موضوع قانون تعیین تکلیف وضعیت ثبتی اراضی و ساختمانهای فاقد سند رسمی مستقر در واحد ثبتی حوزه ثبت ملک ناحیه مشهد تصرفات مالکانه بلامعارض متقاضی فرزند صادره از مشهد در شش دانگ یک باب خانه به مساحت مترمربع پلاک فرعی از اصلی واقع در بخش ۱۱ قسمتی از قطعه مالکیت رسمی محرز گردیده است. لذا به منظور اطلاع عموم مراتب در دو نوبت به فاصله ۱۵ روز آگهی می‌شود در صورتی که اشخاص نسبت به صدور سند مالکیت متقاضی اعتراضی داشته باشند می‌توانند از تاریخ انتشار اولین آگهی به مدت دو ماه اعتراض خود را به این اداره تسلیم و پس از اخذ رسید ظرف مدت یک ماه از تاریخ تسلیم اعتراض دادخواست خود را به مرجع قضایی تقدیم نمایند. بدیهی است در صورت انقضای مدت مذکور و عدم وصول اعتراض طبق مقررات سند مالکیت صادر خواهد شد. تاریخ انتشار نوبت اول ۱۴۰۳/۱۰/۱۷ تاریخ انتشار نوبت دوم ۱۴۰۳/۱۱/۰۲ رئیس اداره ثبت اسناد و املاک ناحیه مشهد. برابر رای شماره ۱۴۰۳۶۰۳۰۶۰۰۹۰۰۴ هیات اول موضوع قانون تعیین تکلیف وضعیت ثبتی اراضی و ساختمانهای فاقد سند رسمی مستقر در واحد ثبتی حوزه ثبت ملک ناحیه مشهد تصرفات مالکانه بلامعارض متقاضی فرزند صادره از مشهد در شش دانگ یک باب خانه به مساحت مترمربع پلاک فرعی از اصلی واقع در بخش ۱۱ قسمتی از قطعه مالکیت رسمی محرز گردیده است. لذا به منظور اطلاع عموم مراتب در دو نوبت به فاصله ۱۵ روز آگهی می‌شود در صورتی که اشخاص نسبت به صدور سند مالکیت متقاضی اعتراضی داشته باشند می‌توانند از تاریخ انتشار اولین آگهی به مدت دو ماه اعتراض خود را به این اداره تسلیم و پس از اخذ رسید ظرف مدت یک ماه از تاریخ تسلیم اعتراض دادخواست خود را به مرجع قضایی تقدیم نمایند. بدیهی است در صورت انقضای مدت مذکور و عدم وصول اعتراض طبق مقررات سند مالکیت صادر خواهد شد. تاریخ انتشار نوبت اول ۱۴۰۳/۱۰/۱۷ تاریخ انتشار نوبت دوم ۱۴۰۳/۱۱/۰۲ رئیس اداره ثبت اسناد و املاک ناحیه مشهد. برابر رای شماره ۱۴۰۳۶۰۳۰۶۰۰۹۰۰۴ هیات اول موضوع قانون تعیین تکلیف وضعیت ثبتی اراضی و ساختمانهای فاقد سند رسمی مستقر در واحد ثبتی حوزه ثبت ملک ناحیه مشهد تصرفات مالکانه بلامعارض متقاضی فرزند صادره از مشهد در شش دانگ یک باب خانه به مساحت مترمربع پلاک فرعی از اصلی واقع در بخش ۱۱ قسمتی از قطعه مالکیت رسمی محرز گردیده است. لذا به منظور اطلاع عموم مراتب در دو نوبت به فاصله ۱۵ روز آگهی می‌شود در صورتی که اشخاص نسبت به صدور سند مالکیت متقاضی اعتراضی داشته باشند می‌توانند از تاریخ انتشار اولین آگهی به مدت دو ماه اعتراض خود را به این اداره تسلیم و پس از اخذ رسید ظرف مدت یک ماه از تاریخ تسلیم اعتراض دادخواست خود را به مرجع قضایی تقدیم نمایند. بدیهی است در صورت انقضای مدت مذکور و عدم وصول اعتراض طبق مقررات سند مالکیت صادر خواهد شد. تاریخ انتشار نوبت اول ۱۴۰۳/۱۰/۱۷ تاریخ انتشار نوبت دوم ۱۴۰۳/۱۱/۰۲ رئیس اداره ثبت اسناد و املاک ناحیه مشهد. برابر رای شماره ۱۴۰۳۶۰۳۰۶۰۰۹۰۰۴ هیات اول موضوع قانون تعیین تکلیف وضعیت ثبتی اراضی و ساختمانهای فاقد سند رسمی مستقر در واحد ثبتی حوزه ثبت ملک ناحیه مشهد تصرفات مالکانه بلامعارض متقاضی فرزند صادره از مشهد در شش دانگ یک باب خانه به مساحت مترمربع پلاک فرعی از اصلی واقع در بخش ۱۱ قسمتی از قطعه مالکیت رسمی محرز گردیده است. لذا به منظور اطلاع عموم مراتب در دو نوبت به فاصله ۱۵ روز آگهی می‌شود در صورتی که اشخاص نسبت به صدور سند مالکیت متقاضی اعتراضی داشته باشند می‌توانند از تاریخ انتشار اولین آگهی به مدت دو ماه اعتراض خود را به این اداره تسلیم و پس از اخذ رسید ظرف مدت یک ماه از تاریخ تسلیم اعتراض دادخواست خود را به مرجع قضایی تقدیم نمایند. بدیهی است در صورت انقضای مدت مذکور و عدم وصول اعتراض طبق مقررات سند مالکیت صادر خواهد شد. تاریخ انتشار نوبت اول ۱۴۰۳/۱۰/۱۷ تاریخ انتشار نوبت دوم ۱۴۰۳/۱۱/۰۲ رئیس اداره ثبت اسناد و املاک ناحیه مشهد. برابر رای شماره ۱۴۰۳۶۰۳۰۶۰۰۹۰۰۴ هیات اول موضوع قانون تعیین تکلیف وضعیت ثبتی اراضی و ساختمانهای فاقد سند رسمی مستقر در واحد ثبتی حوزه ثبت ملک ناحیه مشهد تصرفات مالکانه بلامعارض متقاضی فرزند صادره از مشهد در شش دانگ یک باب خانه به مساحت مترمربع پلاک فرعی از اصلی واقع در بخش ۱۱ قسمتی از قطعه مالکیت رسمی محرز گردیده است. لذا به منظور اطلاع عموم مراتب در دو نوبت به فاصله ۱۵ روز آگهی می‌شود در صورتی که اشخاص نسبت به صدور سند مالکیت متقاضی اعتراضی داشته باشند می‌توانند از تاریخ انتشار اولین آگهی به مدت دو ماه اعتراض خود را به این اداره تسلیم و پس از اخذ رسید ظرف مدت یک ماه از تاریخ تسلیم اعتراض دادخواست خود را به مرجع قضایی تقدیم نمایند. بدیهی است در صورت انقضای مدت مذکور و عدم وصول اعتراض طبق مقررات سند مالکیت صادر خواهد شد. تاریخ انتشار نوبت اول ۱۴۰۳/۱۰/۱۷ تاریخ انتشار نوبت دوم ۱۴۰۳/۱۱/۰۲ رئیس اداره ثبت اسناد و املاک ناحیه مشهد. برابر رای شماره ۱۴۰۳۶۰۳۰۶۰۰۹۰۰۴ هیات اول موضوع قانون تعیین تکلیف وضعیت ثبتی اراضی و ساختمانهای فاقد سند رسمی مستقر در واحد ثبتی حوزه ثبت ملک ناحیه مشهد تصرفات مالکانه بلامعارض متقاضی فرزند صادره از مشهد در شش دانگ یک باب خانه به مساحت مترمربع پلاک فرعی از اصلی واقع در بخش ۱۱ قسمتی از قطعه مالکیت رسمی محرز گردیده است. لذا به منظور اطلاع عموم مراتب در دو نوبت به فاصله ۱۵ روز آگهی می‌شود در صورتی که اشخاص نسبت به صدور سند مالکیت متقاضی اعتراضی داشته باشند می‌توانند از تاریخ انتشار اولین آگهی به مدت دو ماه اعتراض خود را به این اداره تسلیم و پس از اخذ رسید ظرف مدت یک ماه از تاریخ تسلیم اعتراض دادخواست خود را به مرجع قضایی تقدیم نمایند. بدیهی است در صورت انقضای مدت مذکور و عدم وصول اعتراض طبق مقررات سند مالکیت صادر خواهد شد. تاریخ انتشار نوبت اول ۱۴۰۳/۱۰/۱۷ تاریخ انتشار نوبت دوم ۱۴۰۳/۱۱/۰۲ رئیس اداره ثبت اسناد و املاک ناحیه مشهد. برابر رای شماره ۱۴۰۳۶۰۳۰۶۰۰۹۰۰۴ هیات اول موضوع قانون تعیین تکلیف وضعیت ثبتی اراضی و ساختمانهای فاقد سند رسمی مستقر در واحد ثبتی حوزه ثبت ملک ناحیه مشهد تصرفات مالکانه بلامعارض متقاضی فرزند صادره از مشهد در شش دانگ یک باب خانه به مساحت مترمربع پلاک فرعی از اصلی واقع در بخش ۱۱ قسمتی از قطعه مالکیت رسمی محرز گردیده است. لذا به منظور اطلاع عموم مراتب در دو نوبت به فاصله ۱۵ روز آگهی می‌شود در صورتی که اشخاص نسبت به صدور سند مالکیت متقاضی اعتراضی داشته باشند می‌توانند از تاریخ انتشار اولین آگهی به مدت دو ماه اعتراض خود را به این اداره تسلیم و پس از اخذ رسید ظرف مدت یک ماه از تاریخ تسلیم اعتراض دادخواست خود را به مرجع قضایی تقدیم نمایند. بدیهی است در صورت انقضای مدت مذکور و عدم وصول اعتراض طبق مقررات سند مالکیت صادر خواهد شد. تاریخ انتشار نوبت اول ۱۴۰۳/۱۰/۱۷ تاریخ انتشار نوبت دوم ۱۴۰۳/۱۱/۰۲ رئیس اداره ثبت اسناد و املاک ناحیه مشهد. برابر رای شماره ۱۴۰۳۶۰۳۰۶۰۰۹۰۰۴ هیات اول موضوع قانون تعیین تکلیف وضعیت ثبتی اراضی و ساختمانهای فاقد سند رسمی مستقر در واحد ثبتی حوزه ثبت ملک ناحیه مشهد تصرفات مالکانه بلامعارض متقاضی فرزند صادره از مشهد در شش دانگ یک باب خانه به مساحت مترمربع پلاک فرعی از اصلی واقع در بخش ۱۱ قسمتی از قطعه مالکیت رسمی محرز گردیده است. لذا به منظور اطلاع عموم مراتب در دو نوبت به فاصله ۱۵ روز آگهی می‌شود در صورتی که اشخاص نسبت به صدور سند مالکیت متقاضی اعتراضی داشته باشند می‌توانند از تاریخ انتشار اولین آگهی به مدت دو ماه اعتراض خود را به این اداره تسلیم و پس از اخذ رسید ظرف مدت یک ماه از تاریخ تسلیم اعتراض دادخواست خود را به مرجع قضایی تقدیم نمایند. بدیهی است در صورت انقضای مدت مذکور و عدم وصول اعتراض طبق مقررات سند مالکیت صادر خواهد شد. تاریخ انتشار نوبت اول ۱۴۰۳/۱۰/۱۷ تاریخ انتشار نوبت دوم ۱۴۰۳/۱۱/۰۲ رئیس اداره ثبت اسناد و املاک ناحیه مشهد.

برابر رای شماره ۱۴۰۳۶۰۳۰۶۰۰۹۰۰۴ هیات اول موضوع قانون تعیین تکلیف وضعیت ثبتی اراضی و ساختمانهای فاقد سند رسمی مستقر در واحد ثبتی حوزه ثبت ملک ناحیه مشهد تصرفات مالکانه بلامعارض متقاضی فرزند صادره از مشهد در شش دانگ یک باب خانه به مساحت مترمربع پلاک فرعی از اصلی واقع در بخش ۱۱ قسمتی از قطعه مالکیت رسمی محرز گردیده است. لذا به منظور اطلاع عموم مراتب در دو نوبت به فاصله ۱۵ روز آگهی می‌شود در صورتی که اشخاص نسبت به صدور سند مالکیت متقاضی اعتراضی داشته باشند می‌توانند از تاریخ انتشار اولین آگهی به مدت دو ماه اعتراض خود را به این اداره تسلیم و پس از اخذ رسید ظرف مدت یک ماه از تاریخ تسلیم اعتراض دادخواست خود را به مرجع قضایی تقدیم نمایند. بدیهی است در صورت انقضای مدت مذکور و عدم وصول اعتراض طبق مقررات سند مالکیت صادر خواهد شد. تاریخ انتشار نوبت اول ۱۴۰۳/۱۰/۱۷ تاریخ انتشار نوبت دوم ۱۴۰۳/۱۱/۰۲ رئیس اداره ثبت اسناد و املاک ناحیه مشهد. برابر رای شماره ۱۴۰۳۶۰۳۰۶۰۰۹۰۰۴ هیات اول موضوع قانون تعیین تکلیف وضعیت ثبتی اراضی و ساختمانهای فاقد سند رسمی مستقر در واحد ثبتی حوزه ثبت ملک ناحیه مشهد تصرفات مالکانه بلامعارض متقاضی فرزند صادره از مشهد در شش دانگ یک باب خانه به مساحت مترمربع پلاک فرعی از اصلی واقع در بخش ۱۱ قسمتی از قطعه مالکیت رسمی محرز گردیده است. لذا به منظور اطلاع عموم مراتب در دو نوبت به فاصله ۱۵ روز آگهی می‌شود در صورتی که اشخاص نسبت به صدور سند مالکیت متقاضی اعتراضی داشته باشند می‌توانند از تاریخ انتشار اولین آگهی به مدت دو ماه اعتراض خود را به این اداره تسلیم و پس از اخذ رسید ظرف مدت یک ماه از تاریخ تسلیم اعتراض دادخواست خود را به مرجع قضایی تقدیم نمایند. بدیهی است در صورت انقضای مدت مذکور و عدم وصول اعتراض طبق مقررات سند مالکیت صادر خواهد شد. تاریخ انتشار نوبت اول ۱۴۰۳/۱۰/۱۷ تاریخ انتشار نوبت دوم ۱۴۰۳/۱۱/۰۲ رئیس اداره ثبت اسناد و املاک ناحیه مشهد. برابر رای شماره ۱۴۰۳۶۰۳۰۶۰۰۹۰۰۴ هیات اول موضوع قانون تعیین تکلیف وضعیت ثبتی اراضی و ساختمانهای فاقد سند رسمی مستقر در واحد ثبتی حوزه ثبت ملک ناحیه مشهد تصرفات مالکانه بلامعارض متقاضی فرزند صادره از مشهد در شش دانگ یک باب خانه به مساحت مترمربع پلاک فرعی از اصلی واقع در بخش ۱۱ قسمتی از قطعه مالکیت رسمی محرز گردیده است. لذا به منظور اطلاع عموم مراتب در دو نوبت به فاصله ۱۵ روز آگهی می‌شود در صورتی که اشخاص نسبت به صدور سند مالکیت متقاضی اعتراضی داشته باشند می‌توانند از تاریخ انتشار اولین آگهی به مدت دو ماه اعتراض خود را به این اداره تسلیم و پس از اخذ رسید ظرف مدت یک ماه از تاریخ تسلیم اعتراض دادخواست خود را به مرجع قضایی تقدیم نمایند. بدیهی است در صورت انقضای مدت مذکور و عدم وصول اعتراض طبق مقررات سند مالکیت صادر خواهد شد. تاریخ انتشار نوبت اول ۱۴۰۳/۱۰/۱۷ تاریخ انتشار نوبت دوم ۱۴۰۳/۱۱/۰۲ رئیس اداره ثبت اسناد و املاک ناحیه مشهد. برابر رای شماره ۱۴۰۳۶۰۳۰۶۰۰۹۰۰۴ هیات اول موضوع قانون تعیین تکلیف وضعیت ثبتی اراضی و ساختمانهای فاقد سند رسمی مستقر در واحد ثبتی حوزه ثبت ملک ناحیه مشهد تصرفات مالکانه بلامعارض متقاضی فرزند صادره از مشهد در شش دانگ یک باب خانه به مساحت مترمربع پلاک فرعی از اصلی واقع در بخش ۱۱ قسمتی از قطعه مالکیت رسمی محرز گردیده است. لذا به منظور اطلاع عموم مراتب در دو نوبت به فاصله ۱۵ روز آگهی می‌شود در صورتی که اشخاص نسبت به صدور سند مالکیت متقاضی اعتراضی داشته باشند می‌توانند از تاریخ انتشار اولین آگهی به مدت دو ماه اعتراض خود را به این اداره تسلیم و پس از اخذ رسید ظرف مدت یک ماه از تاریخ تسلیم اعتراض دادخواست خود را به مرجع قضایی تقدیم نمایند. بدیهی است در صورت انقضای مدت مذکور و عدم وصول اعتراض طبق مقررات سند مالکیت صادر خواهد شد. تاریخ انتشار نوبت اول ۱۴۰۳/۱۰/۱۷ تاریخ انتشار نوبت دوم ۱۴۰۳/۱۱/۰۲ رئیس اداره ثبت اسناد و املاک ناحیه مشهد. برابر رای شماره ۱۴۰۳۶۰۳۰۶۰۰۹۰۰۴ هیات اول موضوع قانون تعیین تکلیف وضعیت ثبتی اراضی و ساختمانهای فاقد سند رسمی مستقر در واحد ثبتی حوزه ثبت ملک ناحیه مشهد تصرفات مالکانه بلامعارض متقاضی فرزند صادره از مشهد در شش دانگ یک باب خانه به مساحت مترمربع پلاک فرعی از اصلی واقع در بخش ۱۱ قسمتی از قطعه مالکیت رسمی محرز گردیده است. لذا به منظور اطلاع عموم مراتب در دو نوبت به فاصله ۱۵ روز آگهی می‌شود در صورتی که اشخاص نسبت به صدور سند مالکیت متقاضی اعتراضی داشته باشند می‌توانند از تاریخ انتشار اولین آگهی به مدت دو ماه اعتراض خود را به این اداره تسلیم و پس از اخذ رسید ظرف مدت یک ماه از تاریخ تسلیم اعتراض دادخواست خود را به مرجع قضایی تقدیم نمایند. بدیهی است در صورت انقضای مدت مذکور و عدم وصول اعتراض طبق مقررات سند مالکیت صادر خواهد شد. تاریخ انتشار نوبت اول ۱۴۰۳/۱۰/۱۷ تاریخ انتشار نوبت دوم ۱۴۰۳/۱۱/۰۲ رئیس اداره ثبت اسناد و املاک ناحیه مشهد. برابر رای شماره ۱۴۰۳۶۰۳۰۶۰۰۹۰۰۴ هیات اول موضوع قانون تعیین تکلیف وضعیت ثبتی اراضی و ساختمانهای فاقد سند رسمی مستقر در واحد ثبتی حوزه ثبت ملک ناحیه مشهد تصرفات مالکانه بلامعارض متقاضی فرزند صادره از مشهد در شش دانگ یک باب خانه به مساحت مترمربع پلاک فرعی از اصلی واقع در بخش ۱۱ قسمتی از قطعه مالکیت رسمی محرز گردیده است. لذا به منظور اطلاع عموم مراتب در دو نوبت به فاصله ۱۵ روز آگهی می‌شود در صورتی که اشخاص نسبت به صدور سند مالکیت متقاضی اعتراضی داشته باشند می‌توانند از تاریخ انتشار اولین آگهی به مدت دو ماه اعتراض خود را به این اداره تسلیم و پس از اخذ رسید ظرف مدت یک ماه از تاریخ تسلیم اعتراض دادخواست خود را به مرجع قضایی تقدیم نمایند. بدیهی است در صورت انقضای مدت مذکور و عدم وصول اعتراض طبق مقررات سند مالکیت صادر خواهد شد. تاریخ انتشار نوبت اول ۱۴۰۳/۱۰/۱۷ تاریخ انتشار نوبت دوم ۱۴۰۳/۱۱/۰۲ رئیس اداره ثبت اسناد و املاک ناحیه مشهد. برابر رای شماره ۱۴۰۳۶۰۳۰۶۰۰۹۰۰۴ هیات اول موضوع قانون تعیین تکلیف وضعیت ثبتی اراضی و ساختمانهای فاقد سند رسمی مستقر در واحد ثبتی حوزه ثبت ملک ناحیه مشهد تصرفات مالکانه بلامعارض متقاضی فرزند صادره از مشهد در شش دانگ یک باب خانه به مساحت مترمربع پلاک فرعی از اصلی واقع در بخش ۱۱ قسمتی از قطعه مالکیت رسمی محرز گردیده است. لذا به منظور اطلاع عموم مراتب در دو نوبت به فاصله ۱۵ روز آگهی می‌شود در صورتی که اشخاص نسبت به صدور سند مالکیت متقاضی اعتراضی داشته باشند می‌توانند از تاریخ انتشار اولین آگهی به مدت دو ماه اعتراض خود را به این اداره تسلیم و پس از اخذ رسید ظرف مدت یک ماه از تاریخ تسلیم اعتراض دادخواست خود را به مرجع قضایی تقدیم نمایند. بدیهی است در صورت انقضای مدت مذکور و عدم وصول اعتراض طبق مقررات سند مالکیت صادر خواهد شد. تاریخ انتشار نوبت اول ۱۴۰۳/۱۰/۱۷ تاریخ انتشار نوبت دوم ۱۴۰۳/۱۱/۰۲ رئیس اداره ثبت اسناد و املاک ناحیه مشهد. برابر رای شماره ۱۴۰۳۶۰۳۰۶۰۰۹۰۰۴ هیات اول موضوع قانون تعیین تکلیف وضعیت ثبتی اراضی و ساختمانهای فاقد سند رسمی مستقر در واحد ثبتی حوزه ثبت ملک ناحیه مشهد تصرفات مالکانه بلامعارض متقاضی فرزند صادره از مشهد در شش دانگ یک باب خانه به مساحت مترمربع پلاک فرعی از اصلی واقع در بخش ۱۱ قسمتی از قطعه مالکیت رسمی محرز گردیده است. لذا به منظور اطلاع عموم مراتب در دو نوبت به فاصله ۱۵ روز آگهی می‌شود در صورتی که اشخاص نسبت به صدور سند مالکیت متقاضی اعتراضی داشته باشند می‌توانند از تاریخ انتشار اولین آگهی به مدت دو ماه اعتراض خود را به این اداره تسلیم و پس از اخذ رسید ظرف مدت یک ماه از تاریخ تسلیم اعتراض دادخواست خود را به مرجع قضایی تقدیم نمایند. بدیهی است در صورت انقضای مدت مذکور و عدم وصول اعتراض طبق مقررات سند مالکیت صادر خواهد شد. تاریخ انتشار نوبت اول ۱۴۰۳/۱۰/۱۷ تاریخ انتشار نوبت دوم ۱۴۰۳/۱۱/۰۲ رئیس اداره ثبت اسناد و املاک ناحیه مشهد. برابر رای شماره ۱۴۰۳۶۰۳۰۶۰۰۹۰۰۴ هیات اول موضوع قانون تعیین تکلیف وضعیت ثبتی اراضی و ساختمانهای فاقد سند رسمی مستقر در واحد ثبتی حوزه ثبت ملک ناحیه مشهد تصرفات مالکانه بلامعارض متقاضی فرزند صادره از مشهد در شش دانگ یک باب خانه به مساحت مترمربع پلاک فرعی از اصلی واقع در بخش ۱۱ قسمتی از قطعه مالکیت رسمی محرز گردیده است. لذا به منظور اطلاع عموم مراتب در دو نوبت به فاصله ۱۵ روز آگهی می‌شود در صورتی که اشخاص نسبت به صدور سند مالکیت متقاضی اعتراضی داشته باشند می‌توانند از تاریخ انتشار اولین آگهی به مدت دو ماه اعتراض خود را به این اداره تسلیم و پس از اخذ رسید ظرف مدت یک ماه از تاریخ تسلیم اعتراض دادخواست خود را به مرجع قضایی تقدیم نمایند. بدیهی است در صورت انقضای مدت مذکور و عدم وصول اعتراض طبق مقررات سند مالکیت صادر خواهد شد. تاریخ انتشار نوبت اول ۱۴۰۳/۱۰/۱۷ تاریخ انتشار نوبت دوم ۱۴۰۳/۱۱/۰۲ رئیس اداره ثبت اسناد و املاک ناحیه مشهد. برابر رای شماره ۱۴۰۳۶۰۳۰۶۰۰۹۰۰۴ هیات اول موضوع قانون تعیین تکلیف وضعیت ثبتی اراضی و ساختمانهای فاقد سند رسمی مستقر در واحد ثبتی حوزه ثبت ملک ناحیه مشهد تصرفات مالکانه بلامعارض متقاضی فرزند صادره از مشهد در شش دانگ یک باب خانه به مساحت مترمربع پلاک فرعی از اصلی واقع در بخش ۱۱ قسمتی از قطعه مالکیت رسمی محرز گردیده است. لذا به منظور اطلاع عموم مراتب در دو نوبت به فاصله ۱۵ روز آگهی می‌شود در صورتی که اشخاص نسبت به صدور سند مالکیت متقاضی اعتراضی داشته باشند می‌توانند از تاریخ انتشار اولین آگهی به مدت دو ماه اعتراض خود را به این اداره تسلیم و پس از اخذ رسید ظرف مدت یک ماه از تاریخ تسلیم اعتراض دادخواست خود را به مرجع قضایی تقدیم نمایند. بدیهی است در صورت انقضای مدت مذکور و عدم وصول اعتراض طبق مقررات سند مالکیت صادر خواهد شد. تاریخ انتشار نوبت اول ۱۴۰۳/۱۰/۱۷ تاریخ انتشار نوبت دوم ۱۴۰۳/۱۱/۰۲ رئیس اداره ثبت اسناد و املاک ناحیه مشهد. برابر رای شماره ۱۴۰۳۶۰۳۰۶۰۰۹۰۰۴ هیات اول موضوع قانون تعیین تکلیف وضعیت ثبتی اراضی و ساختمانهای فاقد سند رسمی مستقر در واحد ثبتی حوزه ثبت ملک ناحیه مشهد تصرفات مالکانه بلامعارض متقاضی فرزند صادره از مشهد در شش دانگ یک باب خانه به مساحت مترمربع پلاک فرعی از اصلی واقع در بخش ۱۱ قسمتی از قطعه مالکیت رسمی محرز گردیده است. لذا به منظور اطلاع عموم مراتب در دو نوبت به فاصله ۱۵ روز آگهی می‌شود در صورتی که اشخاص نسبت به صدور سند مالکیت متقاضی اعتراضی داشته باشند می‌توانند از تاریخ انتشار اولین آگهی به مدت دو ماه اعتراض خود را به این اداره تسلیم و پس از اخذ رسید ظرف مدت یک ماه از تاریخ تسلیم اعتراض دادخواست خود را به مرجع قضایی تقدیم نمایند. بدیهی است در صورت انقضای مدت مذکور و عدم وصول اعتراض طبق مقررات سند مالکیت صادر خواهد شد. تاریخ انتشار نوبت اول ۱۴۰۳/۱۰/۱۷ تاریخ انتشار نوبت دوم ۱۴۰۳/۱۱/۰۲ رئیس اداره ثبت اسناد و املاک ناحیه مشهد. برابر رای شماره ۱۴۰۳۶۰۳۰۶۰۰۹۰۰۴ هیات اول موضوع قانون تعیین تکلیف وضعیت ثبتی اراضی و ساختمانهای فاقد سند رسمی مستقر در واحد ثبتی حوزه ثبت ملک ناحیه مشهد تصرفات مالکانه بلامعارض متقاضی فرزند صادره از مشهد در شش دانگ یک باب خانه به مساحت مترمربع پلاک فرعی از اصلی واقع در بخش ۱۱ قسمتی از قطعه مالکیت رسمی محرز گردیده است. لذا به منظور اطلاع عموم مراتب در دو نوبت به فاصله ۱۵ روز آگهی می‌شود در صورتی که اشخاص نسبت به صدور سند مالکیت متقاضی اعتراضی داشته باشند می‌توانند از تاریخ انتشار اولین آگهی به مدت دو ماه اعتراض خود را به این اداره تسلیم و پس از اخذ رسید ظرف مدت یک ماه از تاریخ تسلیم اعتراض دادخواست خود را به مرجع قضایی تقدیم نمایند. بدیهی است در صورت انقضای مدت مذکور و عدم وصول اعتراض طبق مقررات سند مالکیت صادر خواهد شد. تاریخ انتشار نوبت اول ۱۴۰۳/۱۰/۱۷ تاریخ انتشار نوبت دوم ۱۴۰۳/۱۱/۰۲ رئیس اداره ثبت اسناد و املاک ناحیه مشهد. برابر رای شماره ۱۴۰۳۶۰۳۰۶۰۰۹۰۰۴ هیات اول موضوع قانون تعیین تکلیف وضعیت ثبتی اراضی و ساختمانهای فاقد سند رسمی مستقر در واحد ثبتی حوزه ثبت ملک ناحیه مشهد تصرفات مالکانه بلامعارض متقاضی فرزند صادره از مشهد در شش دانگ یک باب خانه به مساحت مترمربع پلاک فرعی از اصلی واقع در بخش ۱۱ قسمتی از قطعه مالکیت رسمی محرز گردیده است. لذا به منظور اطلاع عموم مراتب در دو نوبت به فاصله ۱۵ روز آگهی می‌شود در صورتی که اشخاص نسبت به صدور سند مالکیت متقاضی اعتراضی داشته باشند می‌توانند از تاریخ انتشار اولین آگهی به مدت دو ماه اعتراض خود را به این اداره تسلیم و پس از اخذ رسید ظرف مدت یک ماه از تاریخ تسلیم اعتراض دادخواست خود را به مرجع قضایی تقدیم نمایند. بدیهی است در صورت انقضای مدت مذکور و عدم وصول اعتراض طبق مقررات سند مالکیت صادر خواهد شد. تاریخ انتشار نوبت اول ۱۴۰۳/۱۰/۱۷ تاریخ انتشار نوبت دوم ۱۴۰۳/۱۱/۰۲ رئیس اداره ثبت اسناد و املاک ناحیه مشهد. برابر رای شماره ۱۴۰۳۶۰۳۰۶۰۰۹۰۰۴ هیات اول موضوع قانون تعیین تکلیف وضعیت ثبتی اراضی و ساختمانهای فاقد سند رسمی مستقر در واحد ثبتی حوزه ثبت ملک ناحیه مشهد تصرفات مالکانه بلامعارض متقاضی فرزند صادره از مشهد در شش دانگ یک باب خانه به مساحت مترمربع پلاک فرعی از اصلی واقع در بخش ۱۱ قسمتی از قطعه مالکیت رسمی محرز گردیده است. لذا به منظور اطلاع عموم مراتب در دو نوبت به فاصله ۱۵ روز آگهی می‌شود در صورتی که اشخاص نسبت به صدور سند مالکیت متقاضی اعتراضی داشته باشند می‌توانند از تاریخ انتشار اولین آگهی به مدت دو ماه اعتراض خود را به این اداره تسلیم و پس از اخذ رسید ظرف مدت یک ماه از تاریخ تسلیم اعتراض دادخواست خود را به مرجع قضایی تقدیم نمایند. بدیهی است در صورت انقضای مدت مذکور و عدم وصول اعتراض طبق مقررات سند مالکیت صادر خواهد شد. تاریخ انتشار نوبت اول ۱۴۰۳/۱۰/۱۷ تاریخ انتشار نوبت دوم ۱۴۰۳/۱۱/۰۲ رئیس اداره ثبت اسناد و املاک ناحیه مشهد. برابر رای شماره ۱۴۰۳۶۰۳۰۶۰۰۹۰۰۴ هیات اول موضوع قانون تعیین تکلیف وضعیت ثبتی اراضی و ساختمانهای فاقد سند رسمی مستقر در واحد ثبتی حوزه ثبت ملک ناحیه مشهد تصرفات مالکانه بلامعارض متقاضی فرزند صادره از مشهد در شش دانگ یک باب خانه به مساحت مترمربع پلاک فرعی از اصلی واقع در بخش ۱۱ قسمتی از قطعه مالکیت رسمی محرز گردیده است. لذا به منظور اطلاع عموم مراتب در دو نوبت به فاصله ۱۵ روز آگهی می‌شود در صورتی که اشخاص نسبت به صدور سند مالکیت متقاضی اعتراضی داشته باشند می‌توانند از تاریخ انتشار اولین آگهی به مدت دو ماه اعتراض خود را به این اداره تسلیم و پس از اخذ رسید ظرف مدت یک ماه از تاریخ تسلیم اعتراض دادخواست خود را به مرجع قضایی تقدیم نمایند. بدیهی است در صورت انقضای مدت مذکور و عدم وصول اعتراض طبق مقررات سند مالکیت صادر خواهد شد. تاریخ انتشار نوبت اول ۱۴۰۳/۱۰/۱۷ تاریخ انتشار نوبت دوم ۱۴۰۳/۱۱/۰۲ رئیس اداره ثبت اسناد و املاک ناحیه مشهد. برابر رای شماره ۱۴۰۳۶۰۳۰۶۰۰۹۰۰۴ هیات اول موضوع قانون تعیین تکلیف وضعیت ثبتی اراضی و ساختمانهای فاقد سند رسمی مستقر در واحد ثبتی حوزه ثبت ملک ناحیه مشهد تصرفات مالکانه بلامعارض متقاضی فرزند صادره از مشهد در شش دانگ یک باب خانه به مساحت مترمربع پلاک فرعی از اصلی واقع در بخش ۱۱ قسمتی از قطعه مالکیت رسمی محرز گردیده است. لذا به منظور اطلاع عموم مراتب در دو نوبت به فاصله ۱۵ روز آگهی می‌شود در صورتی که اشخاص نسبت به صدور سند مالکیت متقاضی اعتراضی داشته باشند می‌توانند از تاریخ انتشار اولین آگهی به مدت دو ماه اعتراض خود را به این اداره تسلیم و پس از اخذ رسید ظرف مدت یک ماه از تاریخ تسلیم اعتراض دادخواست خود را به مرجع قضایی تقدیم نمایند. بدیهی است در صورت انقضای مدت مذکور و عدم وصول اعتراض طبق مقررات سند مالکیت صادر خواهد شد. تاریخ انتشار نوبت اول ۱۴۰۳/۱۰/۱۷ تاریخ انتشار نوبت دوم ۱۴۰۳/۱۱/۰۲ رئیس اداره ثبت اسناد و املاک ناحیه مشهد. برابر رای شماره ۱۴۰۳۶۰۳۰۶۰۰۹۰۰۴ هیات اول موضوع قانون تعیین تکلیف وضعیت ثبتی اراضی و ساختمانهای فاقد سند رسمی مستقر در واحد ثبتی حوزه ثبت ملک ناحیه مشهد تصرفات مالکانه بلامعارض متقاضی فرزند صادره از مشهد در شش دانگ یک باب خانه به مساحت مترمربع پلاک فرعی از اصلی واقع در بخش ۱۱ قسمتی از قطعه مالکیت رسمی محرز گردیده است. لذا به منظور اطلاع عموم مراتب در دو نوبت به فاصله ۱۵ روز آگهی می‌شود در صورتی که اشخاص نسبت به صدور سند مالکیت متقاضی اعتراضی داشته باشند می‌توانند از تاریخ انتشار اولین آگهی به مدت دو ماه اعتراض خود را به این اداره تسلیم و پس از اخذ رسید ظرف مدت یک ماه از تاریخ تسلیم اعتراض دادخواست خود را به مرجع قضایی تقدیم نمایند. بدیهی است در صورت انقضای مدت مذکور و عدم وصول اعتراض طبق مقررات سند مالکیت صادر خواهد شد. تاریخ انتشار نوبت اول ۱۴۰۳/۱۰/۱۷ تاریخ انتشار نوبت دوم ۱۴۰۳/۱۱/۰۲ رئیس اداره ثبت اسناد و املاک ناحیه مشهد. برابر رای شماره ۱۴۰۳۶۰۳۰۶۰۰۹۰۰۴ هیات اول موضوع قانون تعیین تکلیف وضعیت ثبتی اراضی و ساختمانهای فاقد سند رسمی مستقر در واحد ثبتی حوزه ثبت ملک ناحیه مشهد تصرفات مالکانه بلامعارض متقاضی فرزند صادره از مشهد در شش دانگ یک باب خانه به مساحت مترمربع پلاک فرعی از اصلی واقع در بخش ۱۱ قسمتی از قطعه مالکیت رسمی محرز گردیده است. لذا به منظور اطلاع عموم مراتب در دو نوبت به فاصله ۱۵ روز آگهی می‌شود در صورتی که اشخاص نسبت به صدور سند مالکیت متقاضی اعتراضی داشته باشند می‌توانند از تاریخ انتشار اولین آگهی به مدت دو ماه اعتراض خود را به این اداره تسلیم و پس از اخذ رسید ظرف مدت یک ماه از تاریخ تسلیم اعتراض دادخواست خود را به مرجع قضایی تقدیم نمایند. بدیهی است در صورت انقضای مدت مذکور و عدم وصول اعتراض طبق مقررات سند مالکیت صادر خواهد شد. تاریخ انتشار نوبت اول ۱۴۰۳/۱۰/۱۷ تاریخ انتشار نوبت دوم ۱۴۰۳/۱۱/۰۲ رئیس اداره ثبت اسناد و املاک ناحیه مشهد.

ادامه در صفحه ۸ سراسری
